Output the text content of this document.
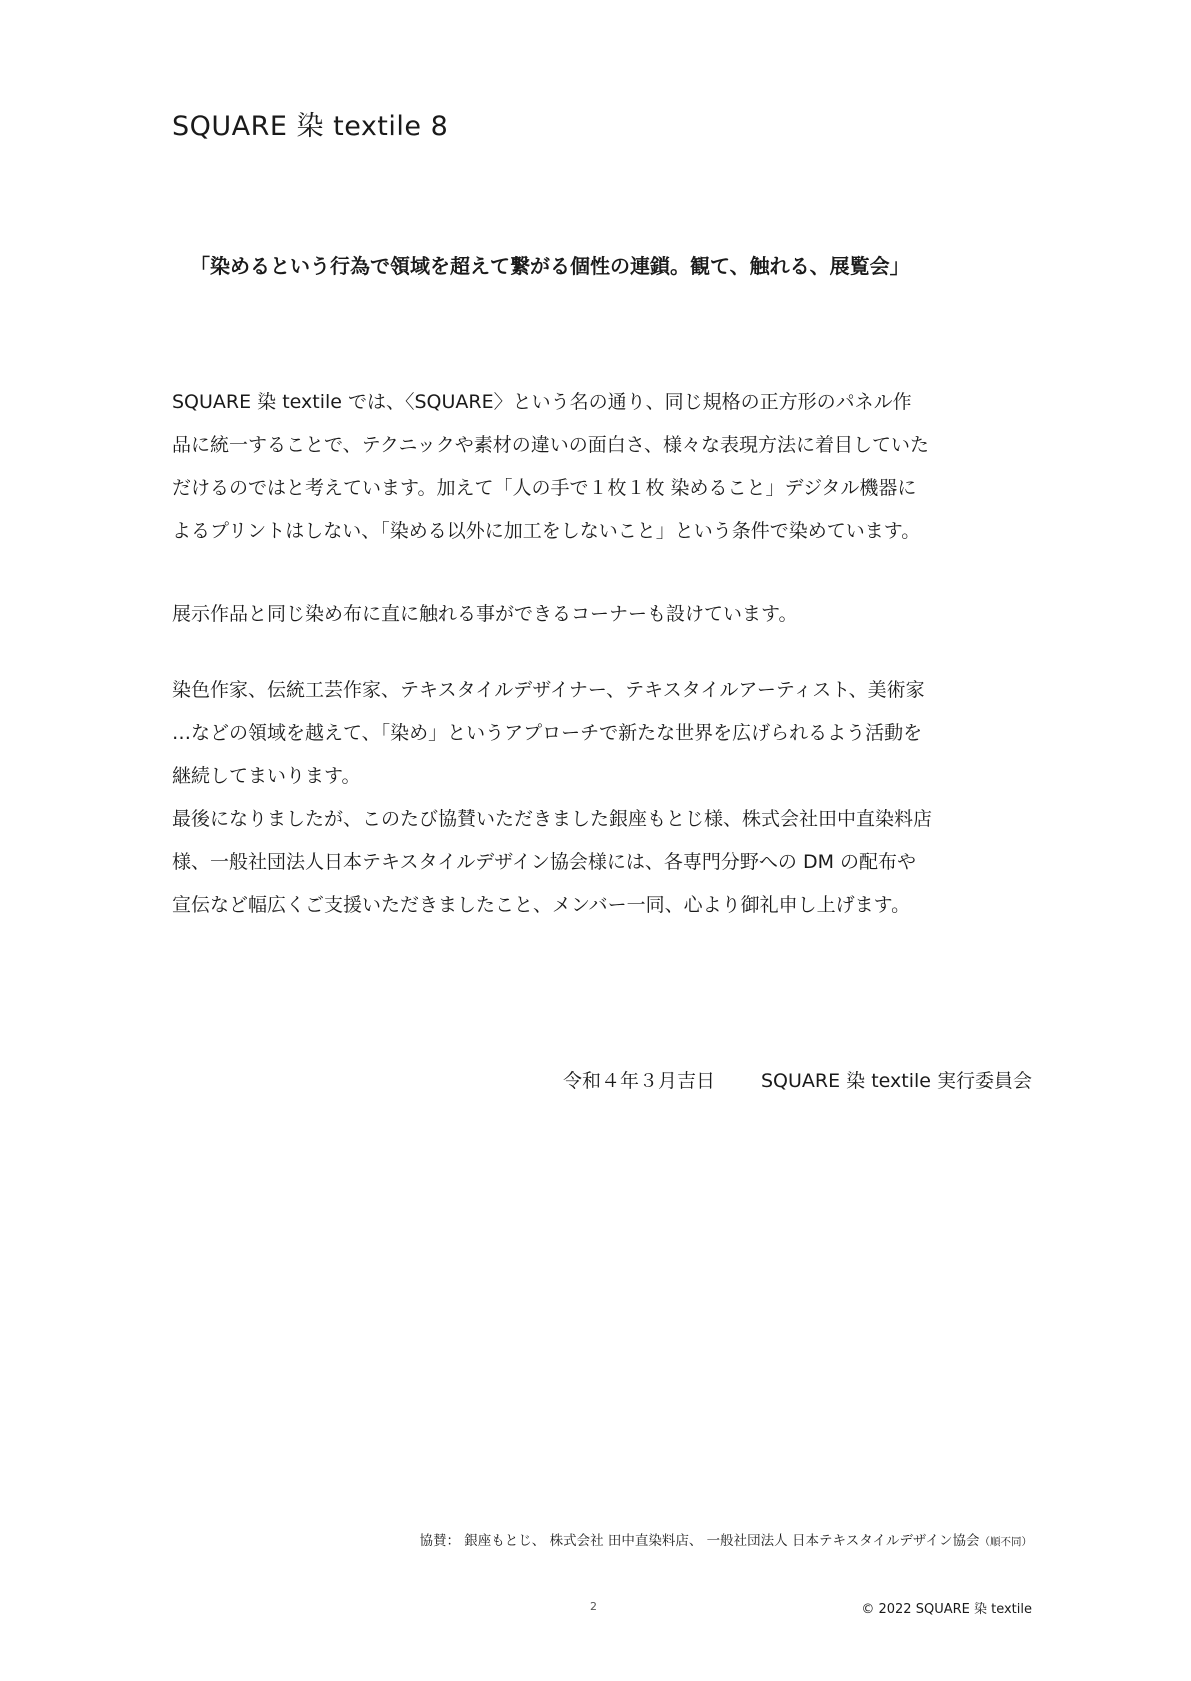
SQUARE 染 textile 8
「染めるという行為で領域を超えて繋がる個性の連鎖。観て、触れる、展覧会」
SQUARE 染 textile では、〈SQUARE〉という名の通り、同じ規格の正方形のパネル作
品に統一することで、テクニックや素材の違いの面白さ、様々な表現方法に着目していた
だけるのではと考えています。加えて「人の手で１枚１枚 染めること」デジタル機器に
よるプリントはしない、「染める以外に加工をしないこと」という条件で染めています。
展示作品と同じ染め布に直に触れる事ができるコーナーも設けています。
染色作家、伝統工芸作家、テキスタイルデザイナー、テキスタイルアーティスト、美術家
…などの領域を越えて、「染め」というアプローチで新たな世界を広げられるよう活動を
継続してまいります。
最後になりましたが、このたび協賛いただきました銀座もとじ様、株式会社田中直染料店
様、一般社団法人日本テキスタイルデザイン協会様には、各専門分野への DM の配布や
宣伝など幅広くご支援いただきましたこと、メンバー一同、心より御礼申し上げます。
令和４年３月吉日 SQUARE 染 textile 実行委員会
協賛： 銀座もとじ、 株式会社 田中直染料店、 一般社団法人 日本テキスタイルデザイン協会（順不同）
2	© 2022 SQUARE 染 textile
